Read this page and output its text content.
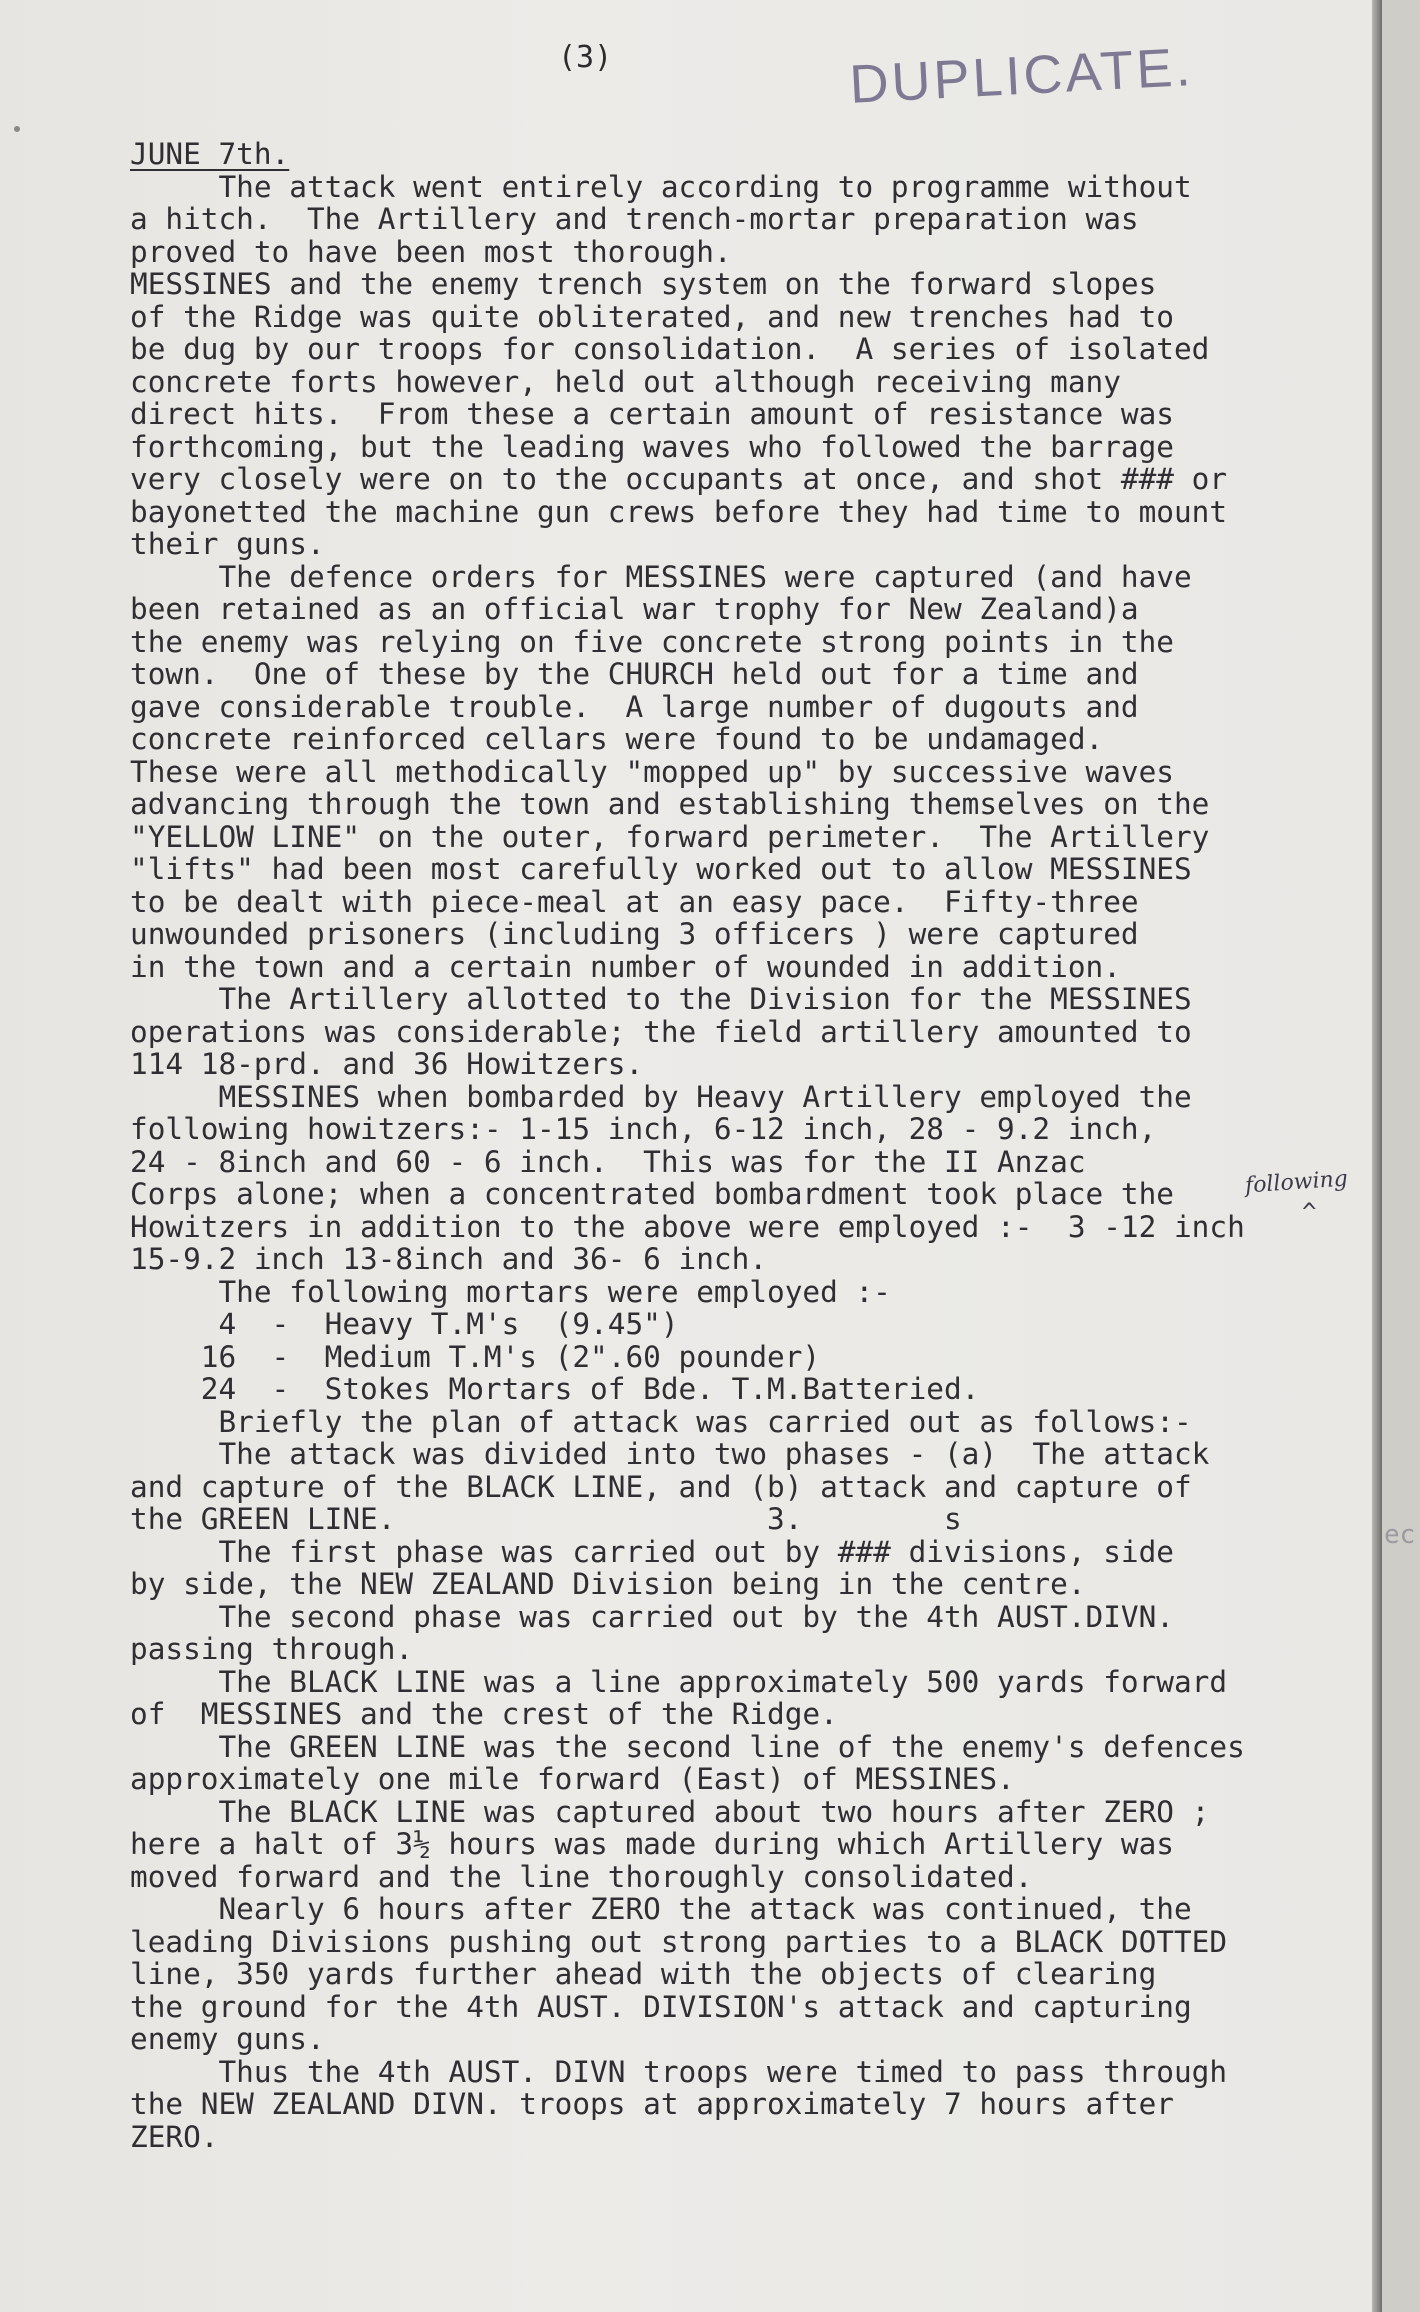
(3)	DUPLICATE.
JUNE 7th.
The attack went entirely according to programme without
a hitch.  The Artillery and trench-mortar preparation was
proved to have been most thorough.
MESSINES and the enemy trench system on the forward slopes
of the Ridge was quite obliterated, and new trenches had to
be dug by our troops for consolidation.  A series of isolated
concrete forts however, held out although receiving many
direct hits.  From these a certain amount of resistance was
forthcoming, but the leading waves who followed the barrage
very closely were on to the occupants at once, and shot ### or
bayonetted the machine gun crews before they had time to mount
their guns.
The defence orders for MESSINES were captured (and have
been retained as an official war trophy for New Zealand)a
the enemy was relying on five concrete strong points in the
town.  One of these by the CHURCH held out for a time and
gave considerable trouble.  A large number of dugouts and
concrete reinforced cellars were found to be undamaged.
These were all methodically "mopped up" by successive waves
advancing through the town and establishing themselves on the
"YELLOW LINE" on the outer, forward perimeter.  The Artillery
"lifts" had been most carefully worked out to allow MESSINES
to be dealt with piece-meal at an easy pace.  Fifty-three
unwounded prisoners (including 3 officers ) were captured
in the town and a certain number of wounded in addition.
The Artillery allotted to the Division for the MESSINES
operations was considerable; the field artillery amounted to
114 18-prd. and 36 Howitzers.
MESSINES when bombarded by Heavy Artillery employed the
following howitzers:- 1-15 inch, 6-12 inch, 28 - 9.2 inch,
24 - 8inch and 60 - 6 inch.  This was for the II Anzac
Corps alone; when a concentrated bombardment took place the
Howitzers in addition to the above were employed :-  3 -12 inch
15-9.2 inch 13-8inch and 36- 6 inch.
The following mortars were employed :-
4  -  Heavy T.M's  (9.45")
16  -  Medium T.M's (2".60 pounder)
24  -  Stokes Mortars of Bde. T.M.Batteried.
Briefly the plan of attack was carried out as follows:-
The attack was divided into two phases - (a)  The attack
and capture of the BLACK LINE, and (b) attack and capture of
the GREEN LINE.                     3.        s
The first phase was carried out by ### divisions, side
by side, the NEW ZEALAND Division being in the centre.
The second phase was carried out by the 4th AUST.DIVN.
passing through.
The BLACK LINE was a line approximately 500 yards forward
of  MESSINES and the crest of the Ridge.
The GREEN LINE was the second line of the enemy's defences
approximately one mile forward (East) of MESSINES.
The BLACK LINE was captured about two hours after ZERO ;
here a halt of 3½ hours was made during which Artillery was
moved forward and the line thoroughly consolidated.
Nearly 6 hours after ZERO the attack was continued, the
leading Divisions pushing out strong parties to a BLACK DOTTED
line, 350 yards further ahead with the objects of clearing
the ground for the 4th AUST. DIVISION's attack and capturing
enemy guns.
Thus the 4th AUST. DIVN troops were timed to pass through
the NEW ZEALAND DIVN. troops at approximately 7 hours after
ZERO.
following
^
ec
